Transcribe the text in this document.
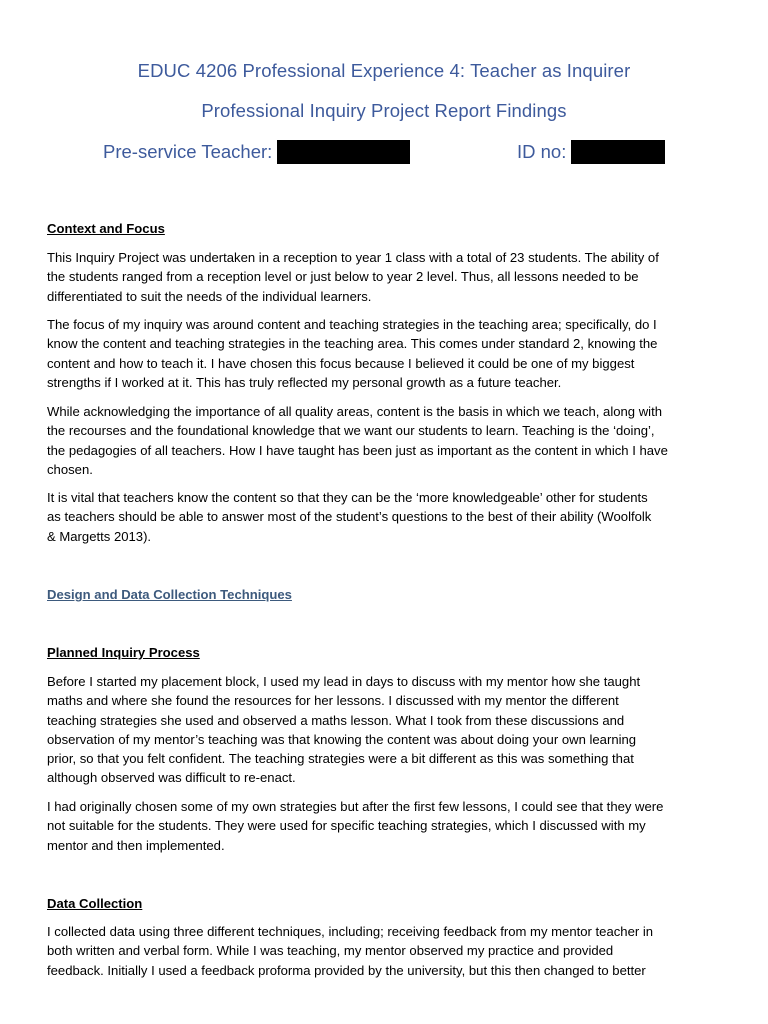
EDUC 4206 Professional Experience 4: Teacher as Inquirer
Professional Inquiry Project Report Findings
Pre-service Teacher:	ID no:
Context and Focus

This Inquiry Project was undertaken in a reception to year 1 class with a total of 23 students. The ability of

the students ranged from a reception level or just below to year 2 level. Thus, all lessons needed to be

differentiated to suit the needs of the individual learners.

The focus of my inquiry was around content and teaching strategies in the teaching area; specifically, do I

know the content and teaching strategies in the teaching area. This comes under standard 2, knowing the

content and how to teach it. I have chosen this focus because I believed it could be one of my biggest

strengths if I worked at it. This has truly reflected my personal growth as a future teacher.

While acknowledging the importance of all quality areas, content is the basis in which we teach, along with

the recourses and the foundational knowledge that we want our students to learn. Teaching is the ‘doing’,

the pedagogies of all teachers. How I have taught has been just as important as the content in which I have

chosen.

It is vital that teachers know the content so that they can be the ‘more knowledgeable’ other for students

as teachers should be able to answer most of the student’s questions to the best of their ability (Woolfolk

& Margetts 2013).

Design and Data Collection Techniques
Planned Inquiry Process

Before I started my placement block, I used my lead in days to discuss with my mentor how she taught

maths and where she found the resources for her lessons. I discussed with my mentor the different

teaching strategies she used and observed a maths lesson. What I took from these discussions and

observation of my mentor’s teaching was that knowing the content was about doing your own learning

prior, so that you felt confident. The teaching strategies were a bit different as this was something that

although observed was difficult to re-enact.

I had originally chosen some of my own strategies but after the first few lessons, I could see that they were

not suitable for the students. They were used for specific teaching strategies, which I discussed with my

mentor and then implemented.

Data Collection

I collected data using three different techniques, including; receiving feedback from my mentor teacher in

both written and verbal form. While I was teaching, my mentor observed my practice and provided

feedback. Initially I used a feedback proforma provided by the university, but this then changed to better
